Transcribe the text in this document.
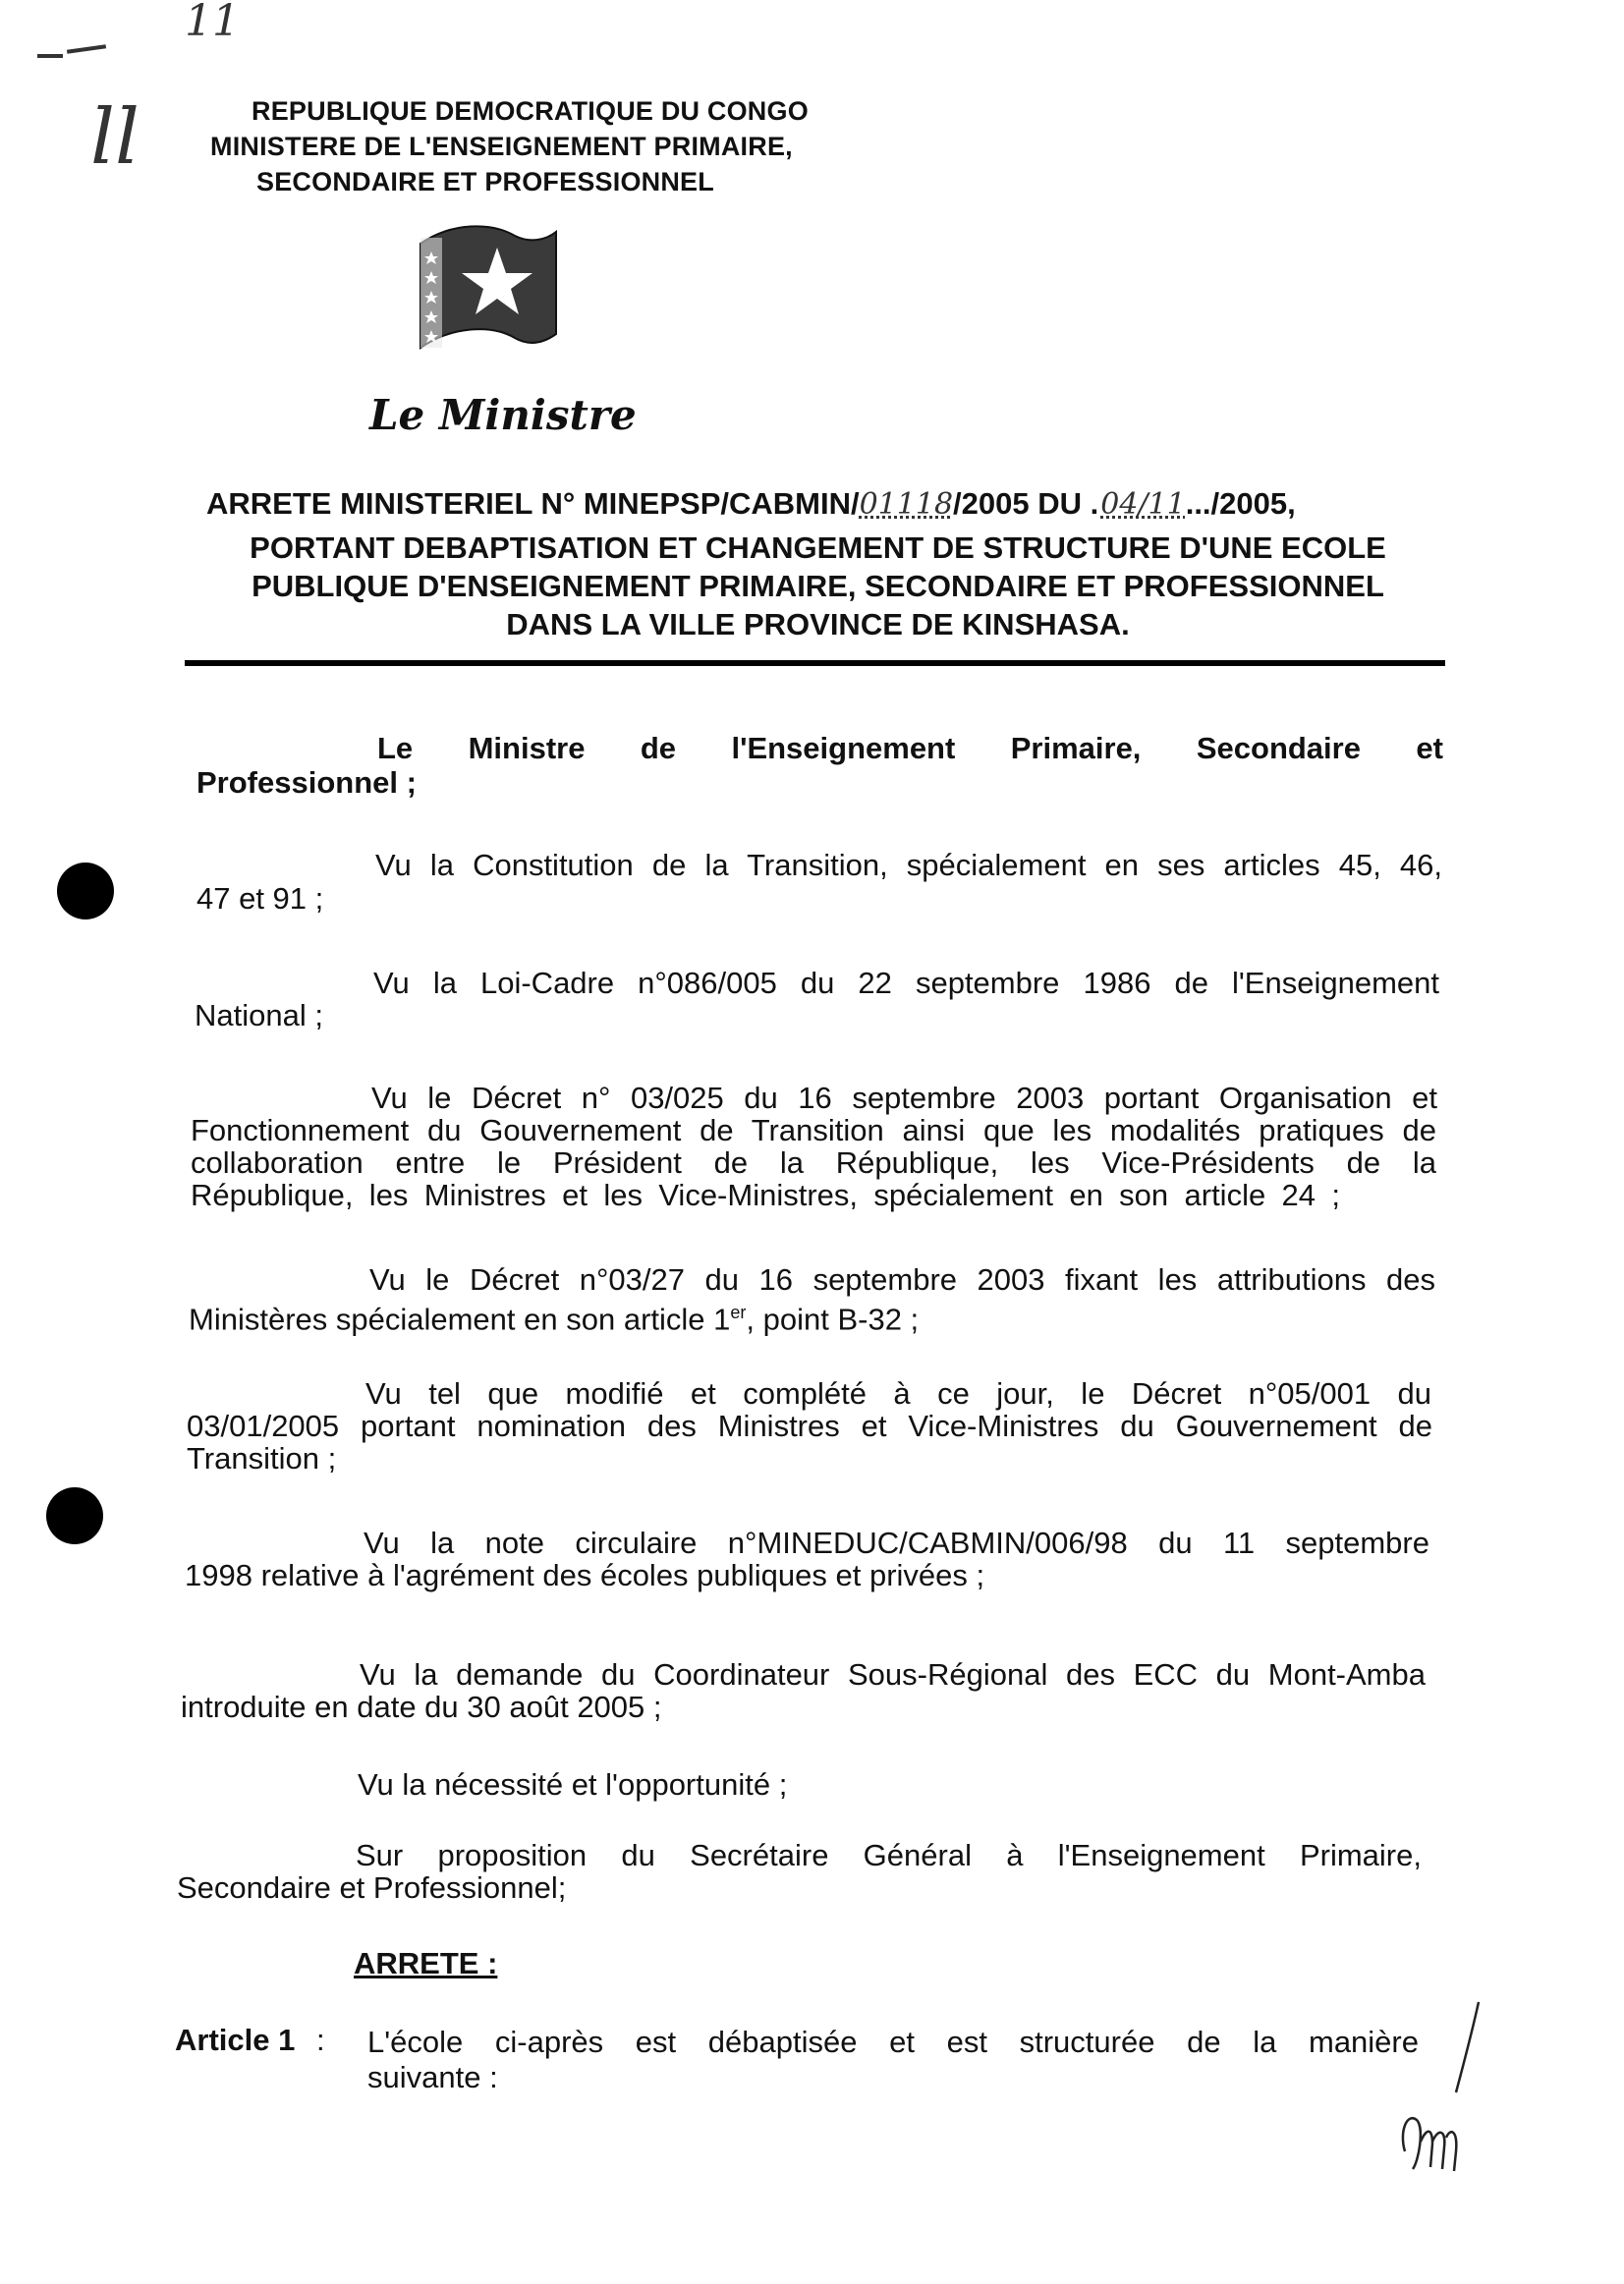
ll
11
REPUBLIQUE DEMOCRATIQUE DU CONGO
MINISTERE DE L'ENSEIGNEMENT PRIMAIRE,
SECONDAIRE ET PROFESSIONNEL
Le Ministre
ARRETE MINISTERIEL N° MINEPSP/CABMIN/01118/2005 DU .04/11.../2005,
PORTANT DEBAPTISATION ET CHANGEMENT DE STRUCTURE D'UNE ECOLE
PUBLIQUE D'ENSEIGNEMENT PRIMAIRE, SECONDAIRE ET PROFESSIONNEL
DANS LA VILLE PROVINCE DE KINSHASA.
Le Ministre de l'Enseignement Primaire, Secondaire et
Professionnel ;
Vu la Constitution de la Transition, spécialement en ses articles 45, 46,
47 et 91 ;
Vu la Loi-Cadre n°086/005 du 22 septembre 1986 de l'Enseignement
National ;
Vu le Décret n° 03/025 du 16 septembre 2003 portant Organisation et
Fonctionnement du Gouvernement de Transition ainsi que les modalités pratiques de
collaboration entre le Président de la République, les Vice-Présidents de la
République, les Ministres et les Vice-Ministres, spécialement en son article 24 ;
Vu le Décret n°03/27 du 16 septembre 2003 fixant les attributions des
Ministères spécialement en son article 1er, point B-32 ;
Vu tel que modifié et complété à ce jour, le Décret n°05/001 du
03/01/2005 portant nomination des Ministres et Vice-Ministres du Gouvernement de
Transition ;
Vu la note circulaire n°MINEDUC/CABMIN/006/98 du 11 septembre
1998 relative à l'agrément des écoles publiques et privées ;
Vu la demande du Coordinateur Sous-Régional des ECC du Mont-Amba
introduite en date du 30 août 2005 ;
Vu la nécessité et l'opportunité ;
Sur proposition du Secrétaire Général à l'Enseignement Primaire,
Secondaire et Professionnel;
ARRETE :
Article 1 : L'école ci-après est débaptisée et est structurée de la manière
suivante :
